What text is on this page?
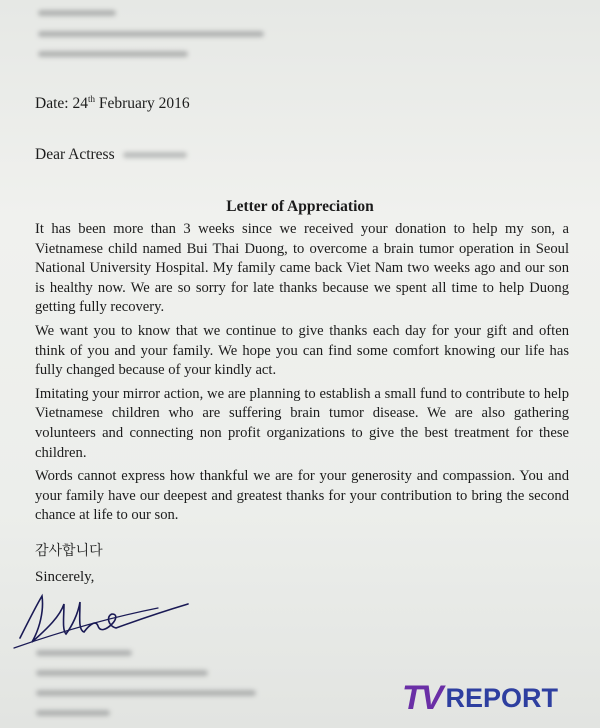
Date: 24th February 2016
Dear Actress
Letter of Appreciation

It has been more than 3 weeks since we received your donation to help my son, a Vietnamese child named Bui Thai Duong, to overcome a brain tumor operation in Seoul National University Hospital. My family came back Viet Nam two weeks ago and our son is healthy now. We are so sorry for late thanks because we spent all time to help Duong getting fully recovery.

We want you to know that we continue to give thanks each day for your gift and often think of you and your family. We hope you can find some comfort knowing our life has fully changed because of your kindly act.

Imitating your mirror action, we are planning to establish a small fund to contribute to help Vietnamese children who are suffering brain tumor disease. We are also gathering volunteers and connecting non profit organizations to give the best treatment for these children.

Words cannot express how thankful we are for your generosity and compassion. You and your family have our deepest and greatest thanks for your contribution to bring the second chance at life to our son.

감사합니다
Sincerely,
TV REPORT
